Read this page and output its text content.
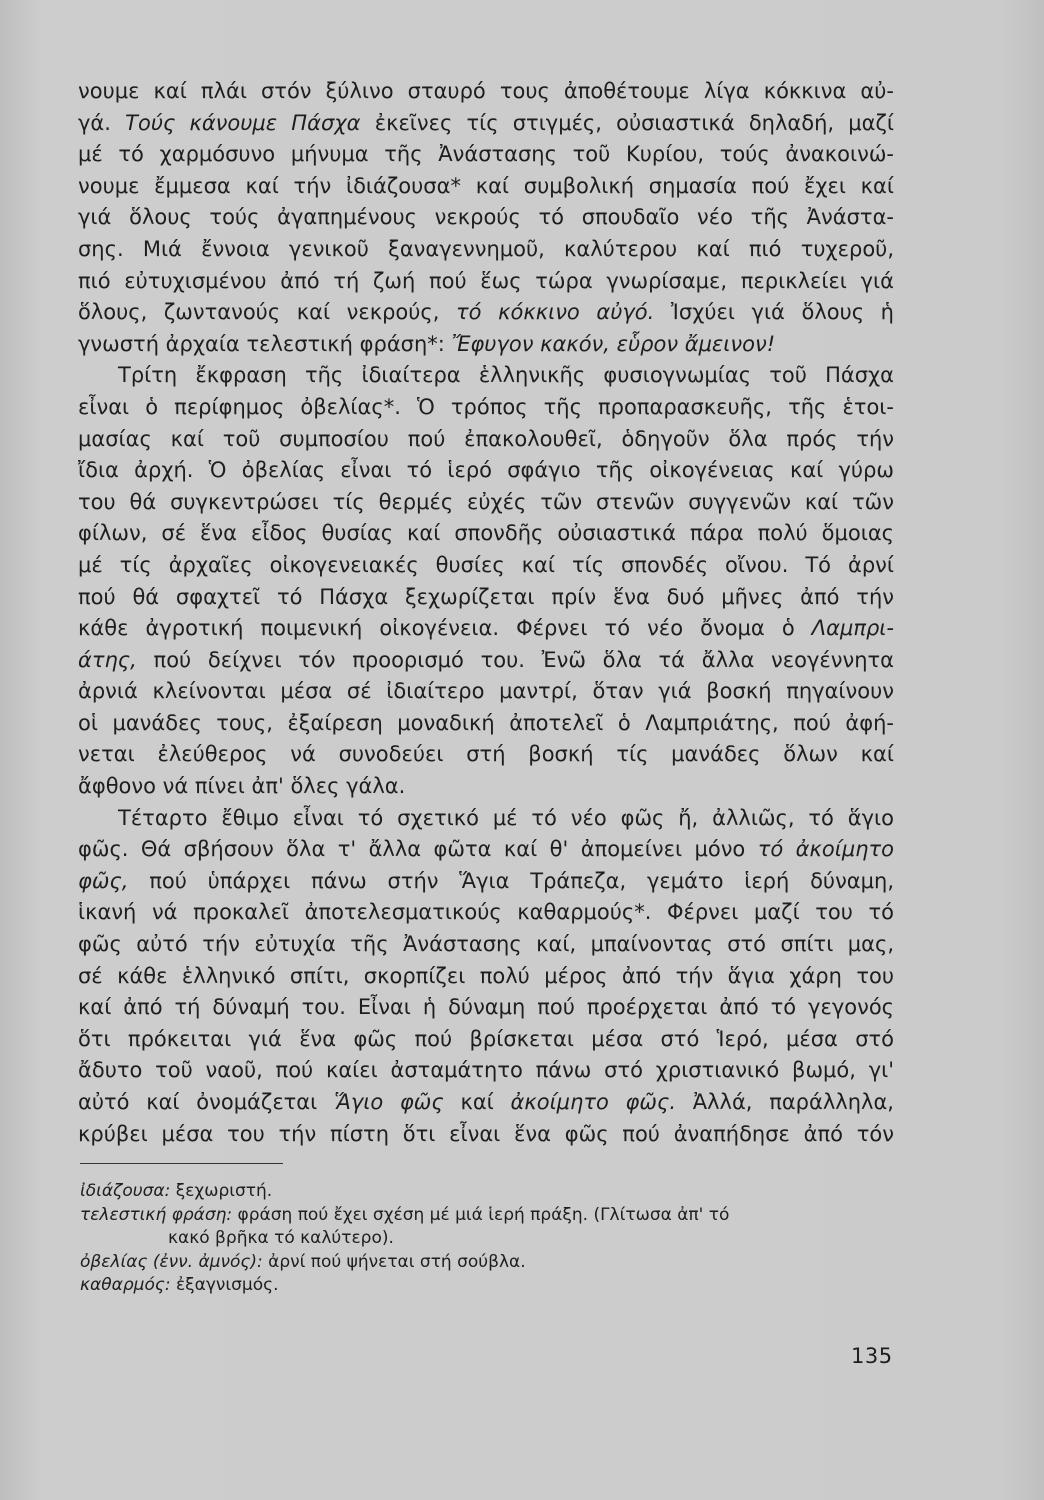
νουμε καί πλάι στόν ξύλινο σταυρό τους ἀποθέτουμε λίγα κόκκινα αὐ-
γά. Τούς κάνουμε Πάσχα ἐκεῖνες τίς στιγμές, οὐσιαστικά δηλαδή, μαζί
μέ τό χαρμόσυνο μήνυμα τῆς Ἀνάστασης τοῦ Κυρίου, τούς ἀνακοινώ-
νουμε ἔμμεσα καί τήν ἰδιάζουσα* καί συμβολική σημασία πού ἔχει καί
γιά ὅλους τούς ἀγαπημένους νεκρούς τό σπουδαῖο νέο τῆς Ἀνάστα-
σης. Μιά ἔννοια γενικοῦ ξαναγεννημοῦ, καλύτερου καί πιό τυχεροῦ,
πιό εὐτυχισμένου ἀπό τή ζωή πού ἕως τώρα γνωρίσαμε, περικλείει γιά
ὅλους, ζωντανούς καί νεκρούς, τό κόκκινο αὐγό. Ἰσχύει γιά ὅλους ἡ
γνωστή ἀρχαία τελεστική φράση*: Ἔφυγον κακόν, εὗρον ἄμεινον!
Τρίτη ἔκφραση τῆς ἰδιαίτερα ἑλληνικῆς φυσιογνωμίας τοῦ Πάσχα
εἶναι ὁ περίφημος ὀβελίας*. Ὁ τρόπος τῆς προπαρασκευῆς, τῆς ἑτοι-
μασίας καί τοῦ συμποσίου πού ἐπακολουθεῖ, ὁδηγοῦν ὅλα πρός τήν
ἴδια ἀρχή. Ὁ ὀβελίας εἶναι τό ἱερό σφάγιο τῆς οἰκογένειας καί γύρω
του θά συγκεντρώσει τίς θερμές εὐχές τῶν στενῶν συγγενῶν καί τῶν
φίλων, σέ ἕνα εἶδος θυσίας καί σπονδῆς οὐσιαστικά πάρα πολύ ὅμοιας
μέ τίς ἀρχαῖες οἰκογενειακές θυσίες καί τίς σπονδές οἴνου. Τό ἀρνί
πού θά σφαχτεῖ τό Πάσχα ξεχωρίζεται πρίν ἕνα δυό μῆνες ἀπό τήν
κάθε ἀγροτική ποιμενική οἰκογένεια. Φέρνει τό νέο ὄνομα ὁ Λαμπρι-
άτης, πού δείχνει τόν προορισμό του. Ἐνῶ ὅλα τά ἄλλα νεογέννητα
ἀρνιά κλείνονται μέσα σέ ἰδιαίτερο μαντρί, ὅταν γιά βοσκή πηγαίνουν
οἱ μανάδες τους, ἐξαίρεση μοναδική ἀποτελεῖ ὁ Λαμπριάτης, πού ἀφή-
νεται ἐλεύθερος νά συνοδεύει στή βοσκή τίς μανάδες ὅλων καί
ἄφθονο νά πίνει ἀπ' ὅλες γάλα.
Τέταρτο ἔθιμο εἶναι τό σχετικό μέ τό νέο φῶς ἤ, ἀλλιῶς, τό ἅγιο
φῶς. Θά σβήσουν ὅλα τ' ἄλλα φῶτα καί θ' ἀπομείνει μόνο τό ἀκοίμητο
φῶς, πού ὑπάρχει πάνω στήν Ἅγια Τράπεζα, γεμάτο ἱερή δύναμη,
ἱκανή νά προκαλεῖ ἀποτελεσματικούς καθαρμούς*. Φέρνει μαζί του τό
φῶς αὐτό τήν εὐτυχία τῆς Ἀνάστασης καί, μπαίνοντας στό σπίτι μας,
σέ κάθε ἑλληνικό σπίτι, σκορπίζει πολύ μέρος ἀπό τήν ἅγια χάρη του
καί ἀπό τή δύναμή του. Εἶναι ἡ δύναμη πού προέρχεται ἀπό τό γεγονός
ὅτι πρόκειται γιά ἕνα φῶς πού βρίσκεται μέσα στό Ἱερό, μέσα στό
ἄδυτο τοῦ ναοῦ, πού καίει ἀσταμάτητο πάνω στό χριστιανικό βωμό, γι'
αὐτό καί ὀνομάζεται Ἅγιο φῶς καί ἀκοίμητο φῶς. Ἀλλά, παράλληλα,
κρύβει μέσα του τήν πίστη ὅτι εἶναι ἕνα φῶς πού ἀναπήδησε ἀπό τόν
ἰδιάζουσα: ξεχωριστή.
τελεστική φράση: φράση πού ἔχει σχέση μέ μιά ἱερή πράξη. (Γλίτωσα ἀπ' τό
κακό βρῆκα τό καλύτερο).
ὀβελίας (ἐνν. ἀμνός): ἀρνί πού ψήνεται στή σούβλα.
καθαρμός: ἐξαγνισμός.
135
